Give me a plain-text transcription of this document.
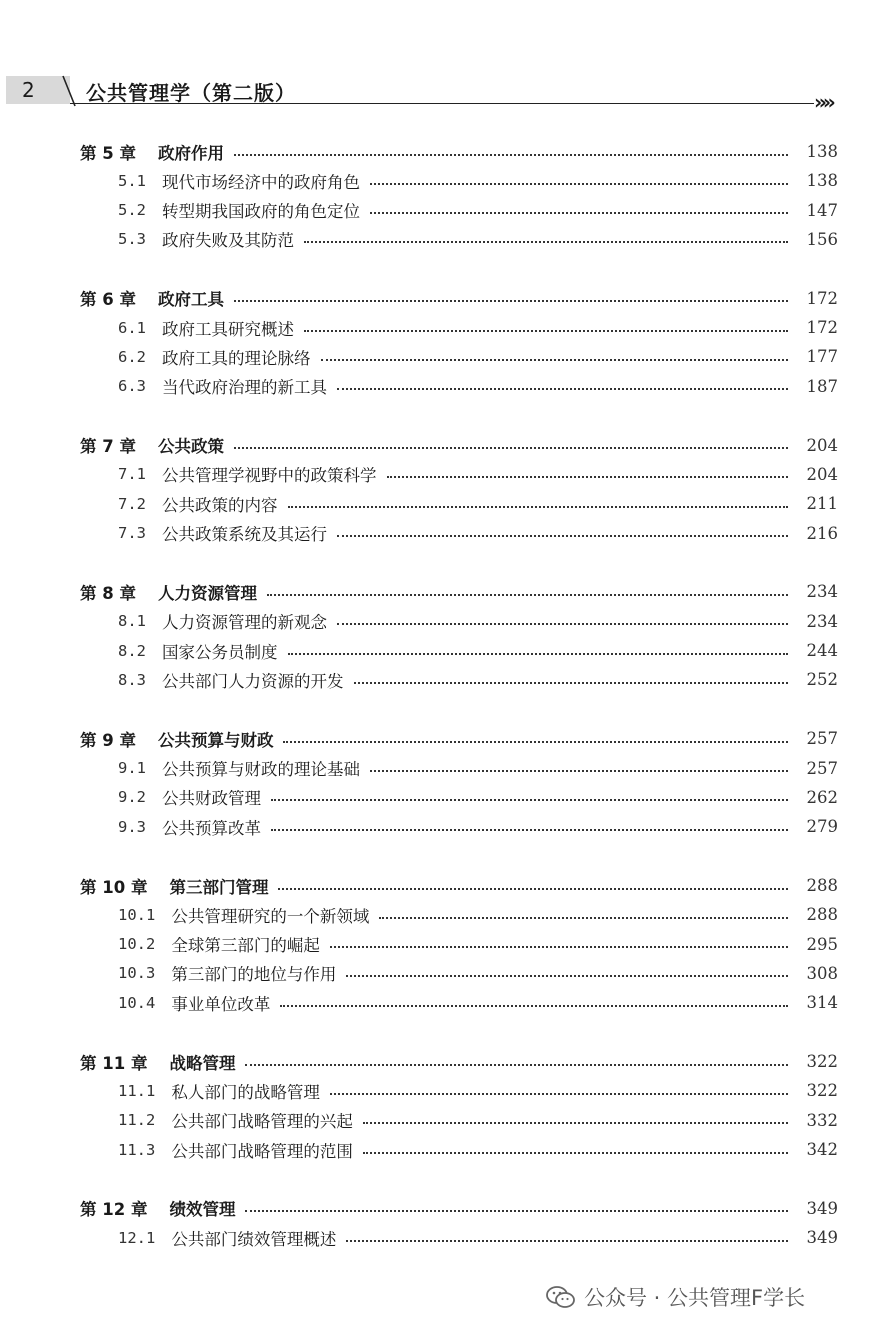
2	公共管理学（第二版）	»»
第 5 章 政府作用	138
5.1 现代市场经济中的政府角色	138
5.2 转型期我国政府的角色定位	147
5.3 政府失败及其防范	156
第 6 章 政府工具	172
6.1 政府工具研究概述	172
6.2 政府工具的理论脉络	177
6.3 当代政府治理的新工具	187
第 7 章 公共政策	204
7.1 公共管理学视野中的政策科学	204
7.2 公共政策的内容	211
7.3 公共政策系统及其运行	216
第 8 章 人力资源管理	234
8.1 人力资源管理的新观念	234
8.2 国家公务员制度	244
8.3 公共部门人力资源的开发	252
第 9 章 公共预算与财政	257
9.1 公共预算与财政的理论基础	257
9.2 公共财政管理	262
9.3 公共预算改革	279
第 10 章 第三部门管理	288
10.1 公共管理研究的一个新领域	288
10.2 全球第三部门的崛起	295
10.3 第三部门的地位与作用	308
10.4 事业单位改革	314
第 11 章 战略管理	322
11.1 私人部门的战略管理	322
11.2 公共部门战略管理的兴起	332
11.3 公共部门战略管理的范围	342
第 12 章 绩效管理	349
12.1 公共部门绩效管理概述	349
公众号 · 公共管理F学长
